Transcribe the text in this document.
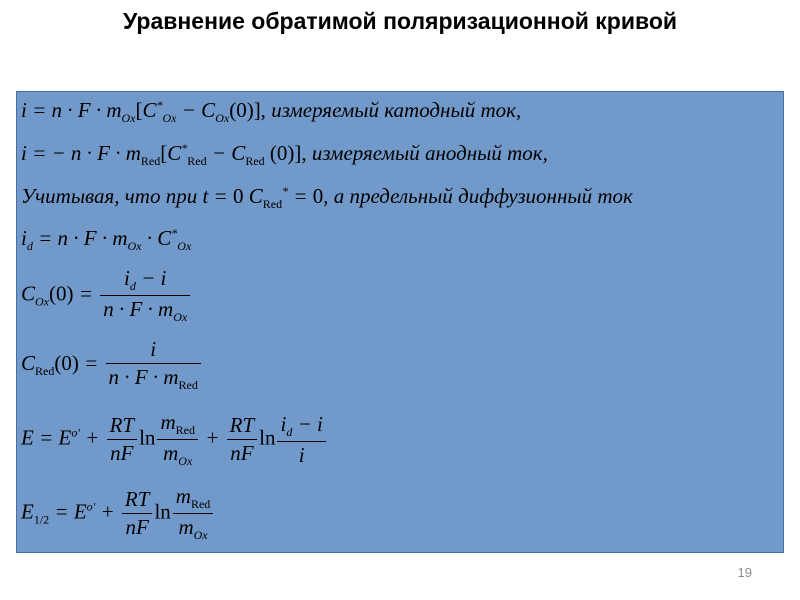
Уравнение обратимой поляризационной кривой
$i = n \cdot F \cdot m_{Ox}[C^*_{Ox} - C_{Ox}(0)]$, измеряемый катодный ток,
i = − $n \cdot F \cdot m_{Red}[C^*_{Red} - C_{Red}$ (0)], измеряемый анодный ток,
Учитывая, что при t = 0 $C_{Red}^* = 0$, а предельный диффузионный ток
$i_d = n \cdot F \cdot m_{Ox} \cdot C^*_{Ox}$
$C_{Ox}(0) = \frac{i_d - i}{n \cdot F \cdot m_{Ox}}$
$C_{Red}(0) = \frac{i}{n \cdot F \cdot m_{Red}}$
$E = E^{o'} + \frac{RT}{nF}$ $\ln \frac{m_{Red}}{m_{Ox}} + \frac{RT}{nF}$ $\ln \frac{i_d - i}{i}$
$E_{1/2} = E^{o'} + \frac{RT}{nF}$ $\ln \frac{m_{Red}}{m_{Ox}}$
19
